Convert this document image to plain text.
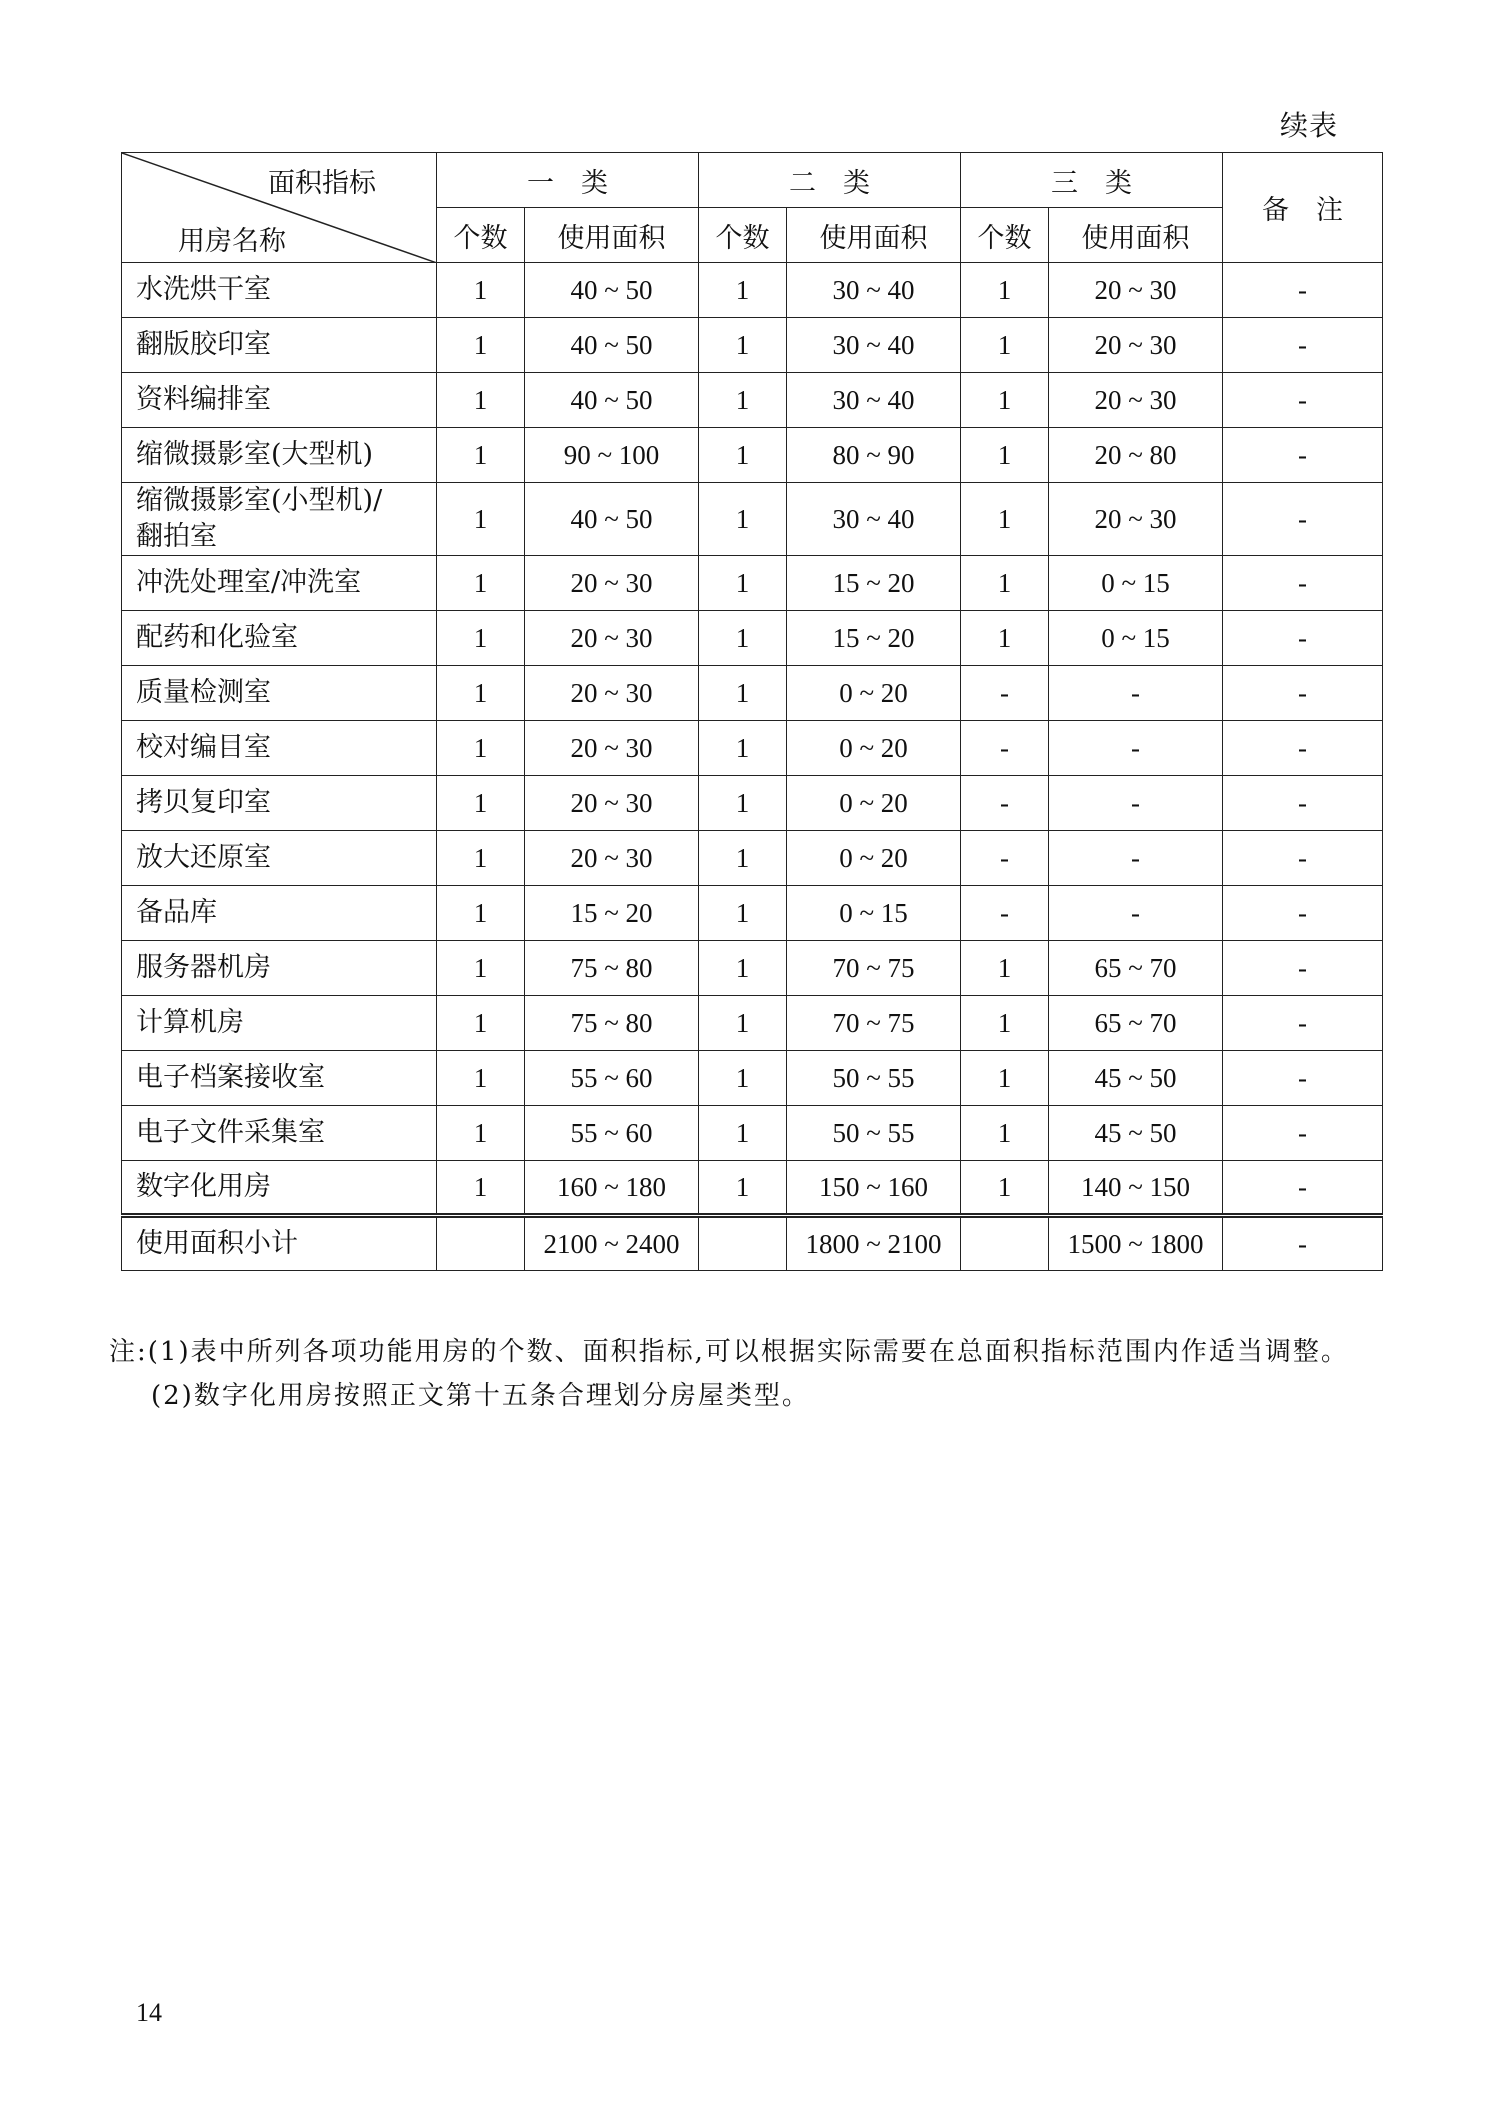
续表
面积指标
用房名称	一　类		二　类		三　类		备　注
	个数	使用面积	个数	使用面积	个数	使用面积	

水洗烘干室	1	40 ~ 50	1	30 ~ 40	1	20 ~ 30	-

翻版胶印室	1	40 ~ 50	1	30 ~ 40	1	20 ~ 30	-

资料编排室	1	40 ~ 50	1	30 ~ 40	1	20 ~ 30	-

缩微摄影室(大型机)	1	90 ~ 100	1	80 ~ 90	1	20 ~ 80	-

缩微摄影室(小型机)/
翻拍室	1	40 ~ 50	1	30 ~ 40	1	20 ~ 30	-

冲洗处理室/冲洗室	1	20 ~ 30	1	15 ~ 20	1	0 ~ 15	-

配药和化验室	1	20 ~ 30	1	15 ~ 20	1	0 ~ 15	-

质量检测室	1	20 ~ 30	1	0 ~ 20	-	-	-

校对编目室	1	20 ~ 30	1	0 ~ 20	-	-	-

拷贝复印室	1	20 ~ 30	1	0 ~ 20	-	-	-

放大还原室	1	20 ~ 30	1	0 ~ 20	-	-	-

备品库	1	15 ~ 20	1	0 ~ 15	-	-	-

服务器机房	1	75 ~ 80	1	70 ~ 75	1	65 ~ 70	-

计算机房	1	75 ~ 80	1	70 ~ 75	1	65 ~ 70	-

电子档案接收室	1	55 ~ 60	1	50 ~ 55	1	45 ~ 50	-

电子文件采集室	1	55 ~ 60	1	50 ~ 55	1	45 ~ 50	-

数字化用房	1	160 ~ 180	1	150 ~ 160	1	140 ~ 150	-

使用面积小计		2100 ~ 2400		1800 ~ 2100		1500 ~ 1800	-
注:(1)表中所列各项功能用房的个数、面积指标,可以根据实际需要在总面积指标范围内作适当调整。
(2)数字化用房按照正文第十五条合理划分房屋类型。
14
